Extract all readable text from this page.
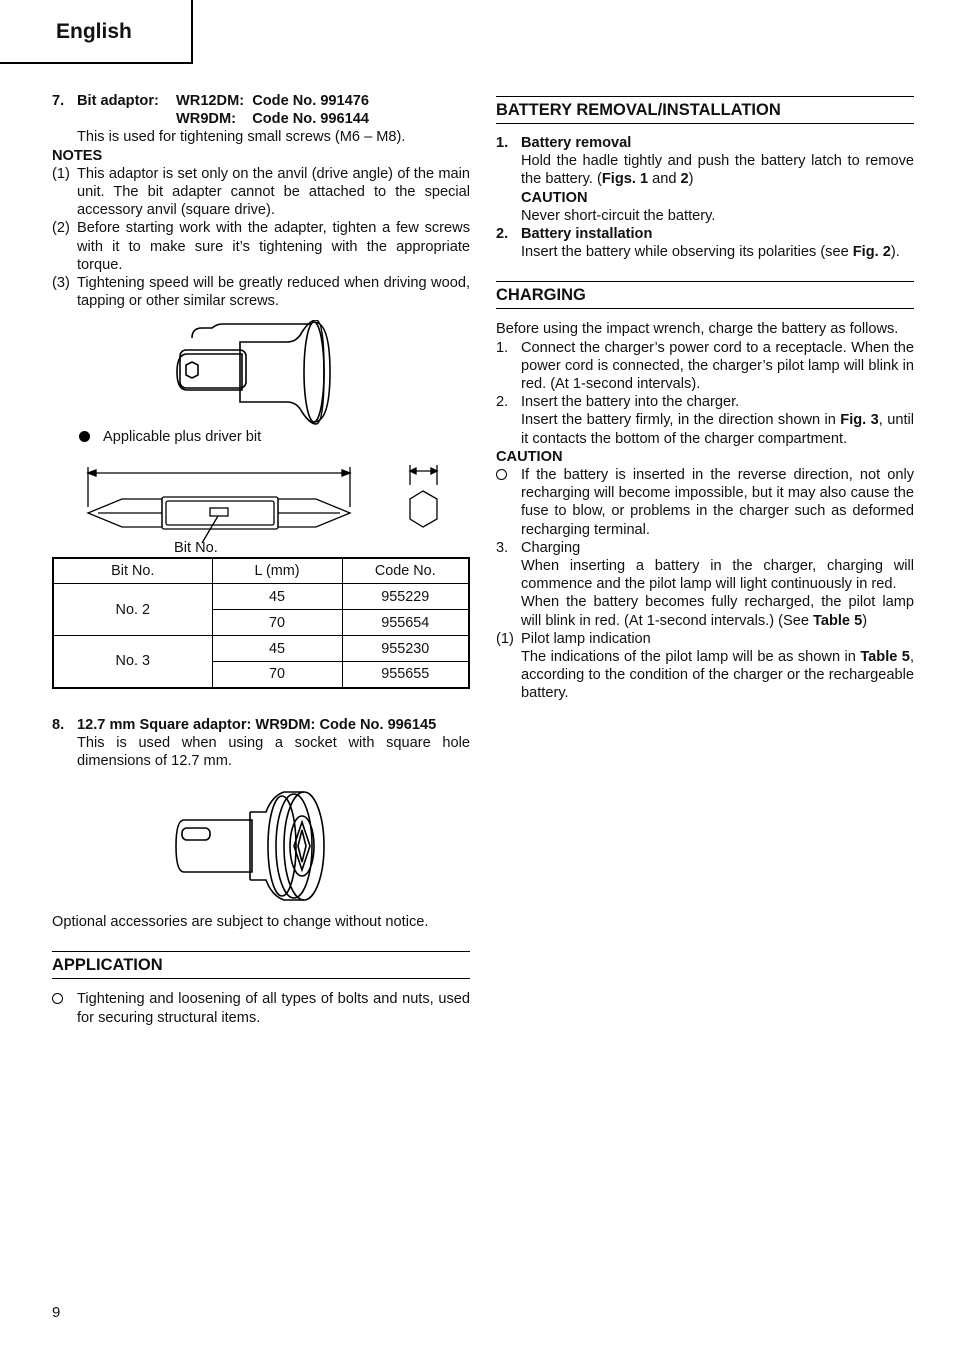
English
7. Bit adaptor:	WR12DM:  Code No. 991476
WR9DM:    Code No. 996144
This is used for tightening small screws (M6 – M8).
NOTES
(1) This adaptor is set only on the anvil (drive angle) of the main unit. The bit adapter cannot be attached to the special accessory anvil (square drive).
(2) Before starting work with the adapter, tighten a few screws with it to make sure it’s tightening with the appropriate torque.
(3) Tightening speed will be greatly reduced when driving wood, tapping or other similar screws.
Applicable plus driver bit
Bit No.
Bit No.	L (mm)	Code No.
No. 2	45	955229
	70	955654
No. 3	45	955230
	70	955655
8. 12.7 mm Square adaptor: WR9DM: Code No. 996145
This is used when using a socket with square hole dimensions of 12.7 mm.
Optional accessories are subject to change without notice.
APPLICATION
Tightening and loosening of all types of bolts and nuts, used for securing structural items.
BATTERY REMOVAL/INSTALLATION
1. Battery removal
Hold the hadle tightly and push the battery latch to remove the battery. (Figs. 1 and 2)
CAUTION
Never short-circuit the battery.
2. Battery installation
Insert the battery while observing its polarities (see Fig. 2).
CHARGING
Before using the impact wrench, charge the battery as follows.
1. Connect the charger’s power cord to a receptacle. When the power cord is connected, the charger’s pilot lamp will blink in red. (At 1-second intervals).
2. Insert the battery into the charger.
Insert the battery firmly, in the direction shown in Fig. 3, until it contacts the bottom of the charger compartment.
CAUTION
If the battery is inserted in the reverse direction, not only recharging will become impossible, but it may also cause the fuse to blow, or problems in the charger such as deformed recharging terminal.
3. Charging
When inserting a battery in the charger, charging will commence and the pilot lamp will light continuously in red.
When the battery becomes fully recharged, the pilot lamp will blink in red. (At 1-second intervals.) (See Table 5)
(1) Pilot lamp indication
The indications of the pilot lamp will be as shown in Table 5, according to the condition of the charger or the rechargeable battery.
9
